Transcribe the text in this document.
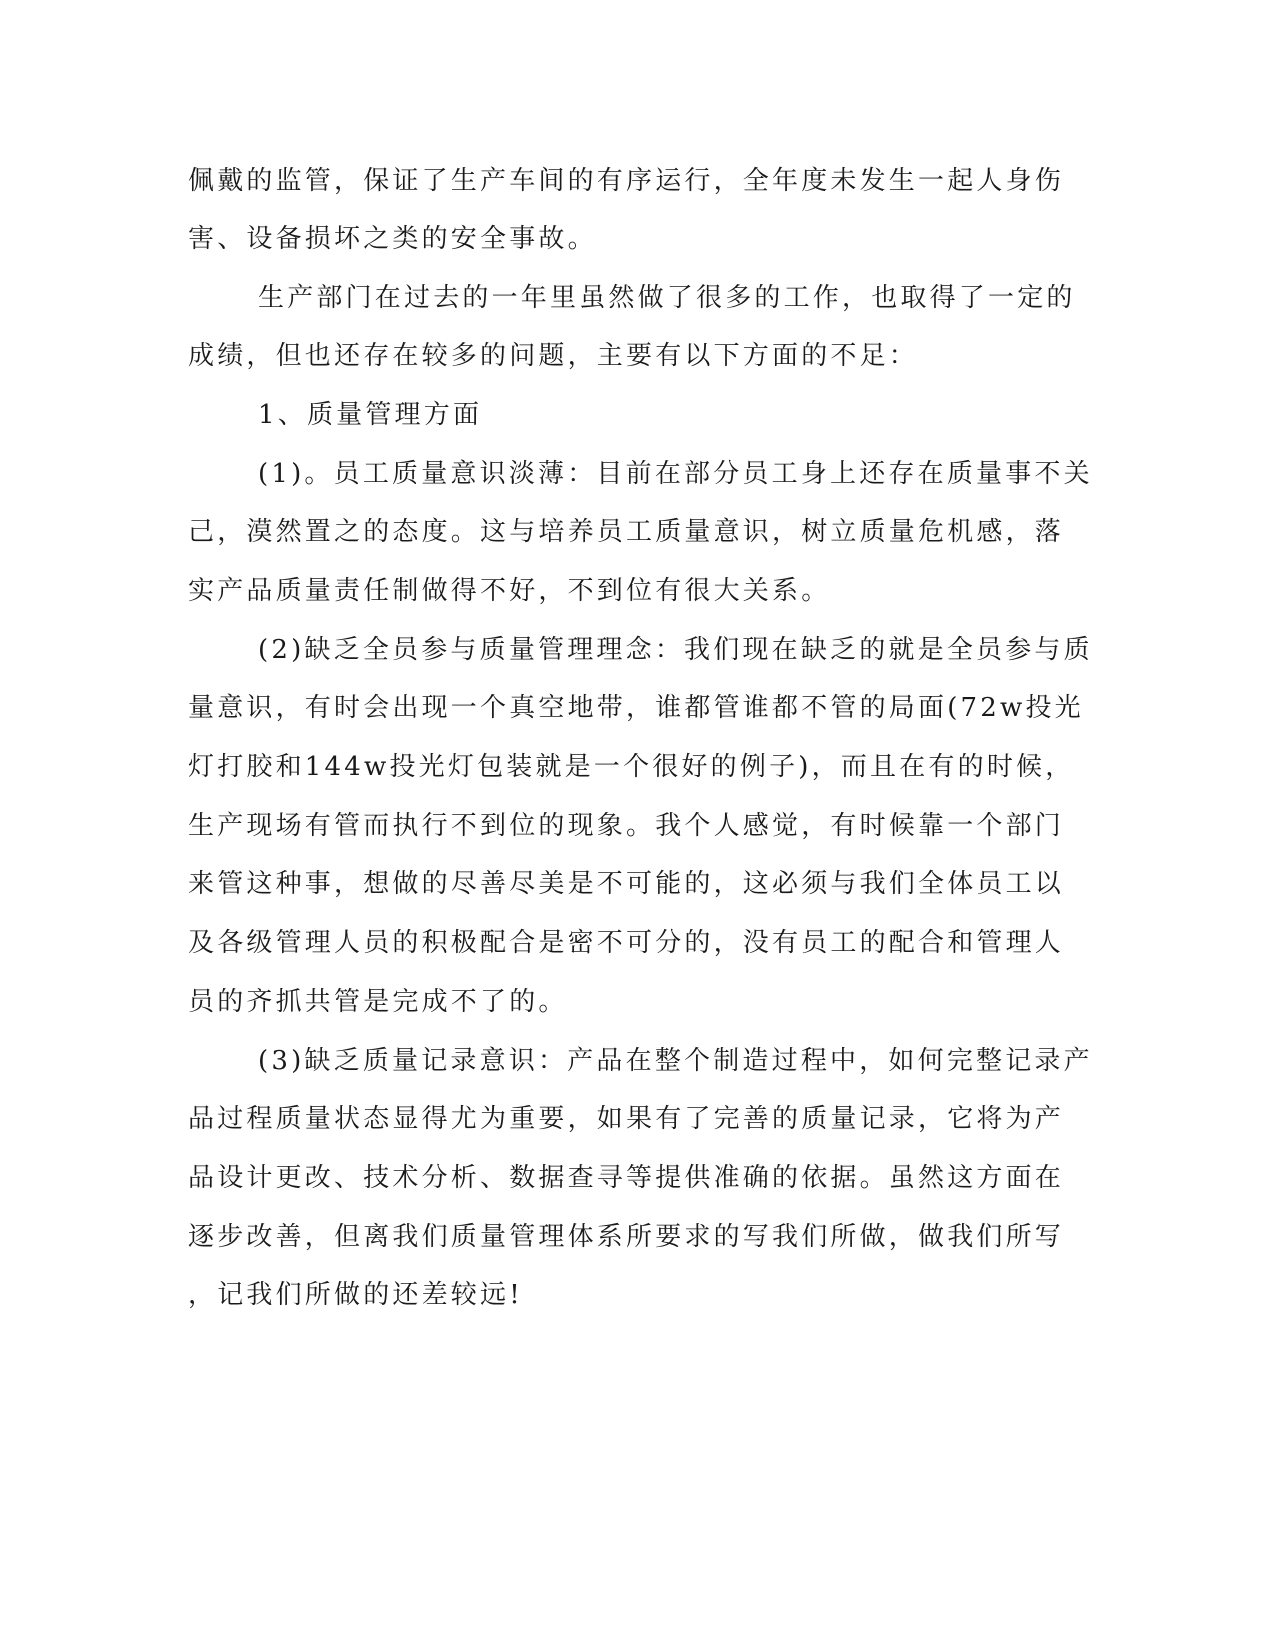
佩戴的监管，保证了生产车间的有序运行，全年度未发生一起人身伤

害、设备损坏之类的安全事故。

生产部门在过去的一年里虽然做了很多的工作，也取得了一定的

成绩，但也还存在较多的问题，主要有以下方面的不足：

1、质量管理方面

(1)。员工质量意识淡薄：目前在部分员工身上还存在质量事不关

己，漠然置之的态度。这与培养员工质量意识，树立质量危机感，落

实产品质量责任制做得不好，不到位有很大关系。

(2)缺乏全员参与质量管理理念：我们现在缺乏的就是全员参与质

量意识，有时会出现一个真空地带，谁都管谁都不管的局面(72w投光

灯打胶和144w投光灯包装就是一个很好的例子)，而且在有的时候，

生产现场有管而执行不到位的现象。我个人感觉，有时候靠一个部门

来管这种事，想做的尽善尽美是不可能的，这必须与我们全体员工以

及各级管理人员的积极配合是密不可分的，没有员工的配合和管理人

员的齐抓共管是完成不了的。

(3)缺乏质量记录意识：产品在整个制造过程中，如何完整记录产

品过程质量状态显得尤为重要，如果有了完善的质量记录，它将为产

品设计更改、技术分析、数据查寻等提供准确的依据。虽然这方面在

逐步改善，但离我们质量管理体系所要求的写我们所做，做我们所写

，记我们所做的还差较远!
